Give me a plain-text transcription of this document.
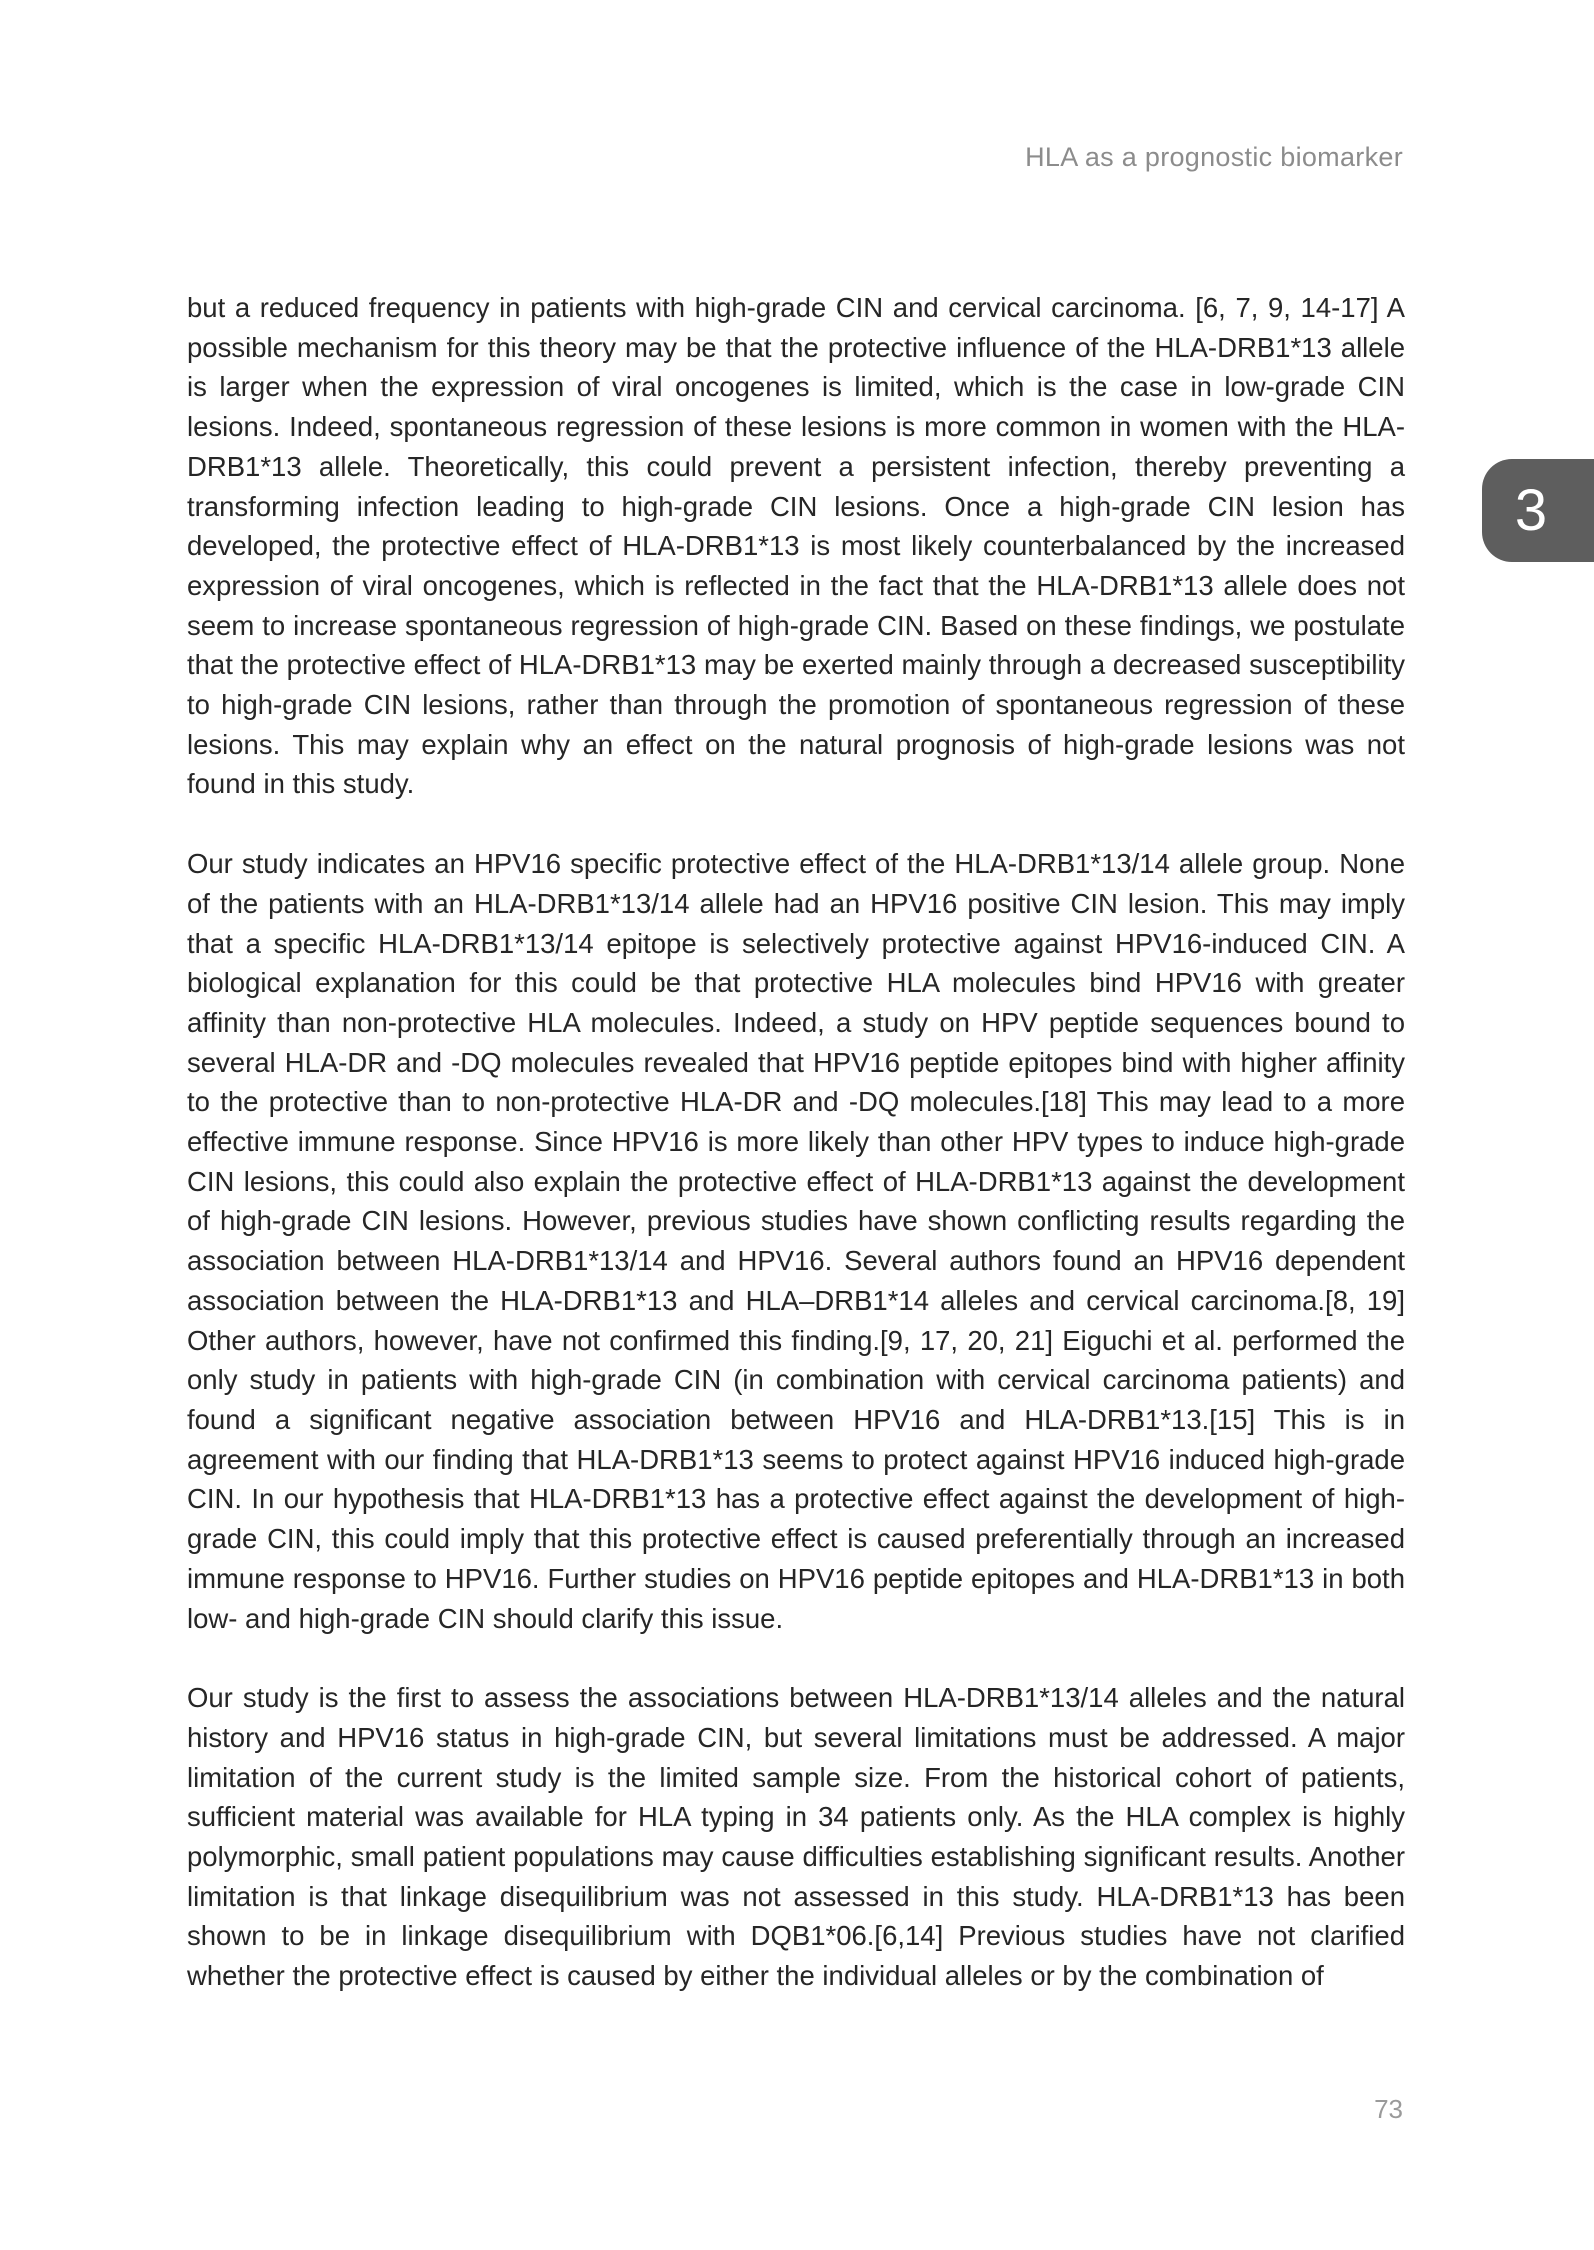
HLA as a prognostic biomarker
3

but a reduced frequency in patients with high-grade CIN and cervical carcinoma. [6, 7, 9, 14-17] A possible mechanism for this theory may be that the protective influence of the HLA-DRB1*13 allele is larger when the expression of viral oncogenes is limited, which is the case in low-grade CIN lesions. Indeed, spontaneous regression of these lesions is more common in women with the HLA-DRB1*13 allele. Theoretically, this could prevent a persistent infection, thereby preventing a transforming infection leading to high-grade CIN lesions. Once a high-grade CIN lesion has developed, the protective effect of HLA-DRB1*13 is most likely counterbalanced by the increased expression of viral oncogenes, which is reflected in the fact that the HLA-DRB1*13 allele does not seem to increase spontaneous regression of high-grade CIN. Based on these findings, we postulate that the protective effect of HLA-DRB1*13 may be exerted mainly through a decreased susceptibility to high-grade CIN lesions, rather than through the promotion of spontaneous regression of these lesions. This may explain why an effect on the natural prognosis of high-grade lesions was not found in this study.

Our study indicates an HPV16 specific protective effect of the HLA-DRB1*13/14 allele group. None of the patients with an HLA-DRB1*13/14 allele had an HPV16 positive CIN lesion. This may imply that a specific HLA-DRB1*13/14 epitope is selectively protective against HPV16-induced CIN. A biological explanation for this could be that protective HLA molecules bind HPV16 with greater affinity than non-protective HLA molecules. Indeed, a study on HPV peptide sequences bound to several HLA-DR and -DQ molecules revealed that HPV16 peptide epitopes bind with higher affinity to the protective than to non-protective HLA-DR and -DQ molecules.[18] This may lead to a more effective immune response. Since HPV16 is more likely than other HPV types to induce high-grade CIN lesions, this could also explain the protective effect of HLA-DRB1*13 against the development of high-grade CIN lesions. However, previous studies have shown conflicting results regarding the association between HLA-DRB1*13/14 and HPV16. Several authors found an HPV16 dependent association between the HLA-DRB1*13 and HLA–DRB1*14 alleles and cervical carcinoma.[8, 19] Other authors, however, have not confirmed this finding.[9, 17, 20, 21] Eiguchi et al. performed the only study in patients with high-grade CIN (in combination with cervical carcinoma patients) and found a significant negative association between HPV16 and HLA-DRB1*13.[15] This is in agreement with our finding that HLA-DRB1*13 seems to protect against HPV16 induced high-grade CIN. In our hypothesis that HLA-DRB1*13 has a protective effect against the development of high-grade CIN, this could imply that this protective effect is caused preferentially through an increased immune response to HPV16. Further studies on HPV16 peptide epitopes and HLA-DRB1*13 in both low- and high-grade CIN should clarify this issue.

Our study is the first to assess the associations between HLA-DRB1*13/14 alleles and the natural history and HPV16 status in high-grade CIN, but several limitations must be addressed. A major limitation of the current study is the limited sample size. From the historical cohort of patients, sufficient material was available for HLA typing in 34 patients only. As the HLA complex is highly polymorphic, small patient populations may cause difficulties establishing significant results. Another limitation is that linkage disequilibrium was not assessed in this study. HLA-DRB1*13 has been shown to be in linkage disequilibrium with DQB1*06.[6,14] Previous studies have not clarified whether the protective effect is caused by either the individual alleles or by the combination of

73
